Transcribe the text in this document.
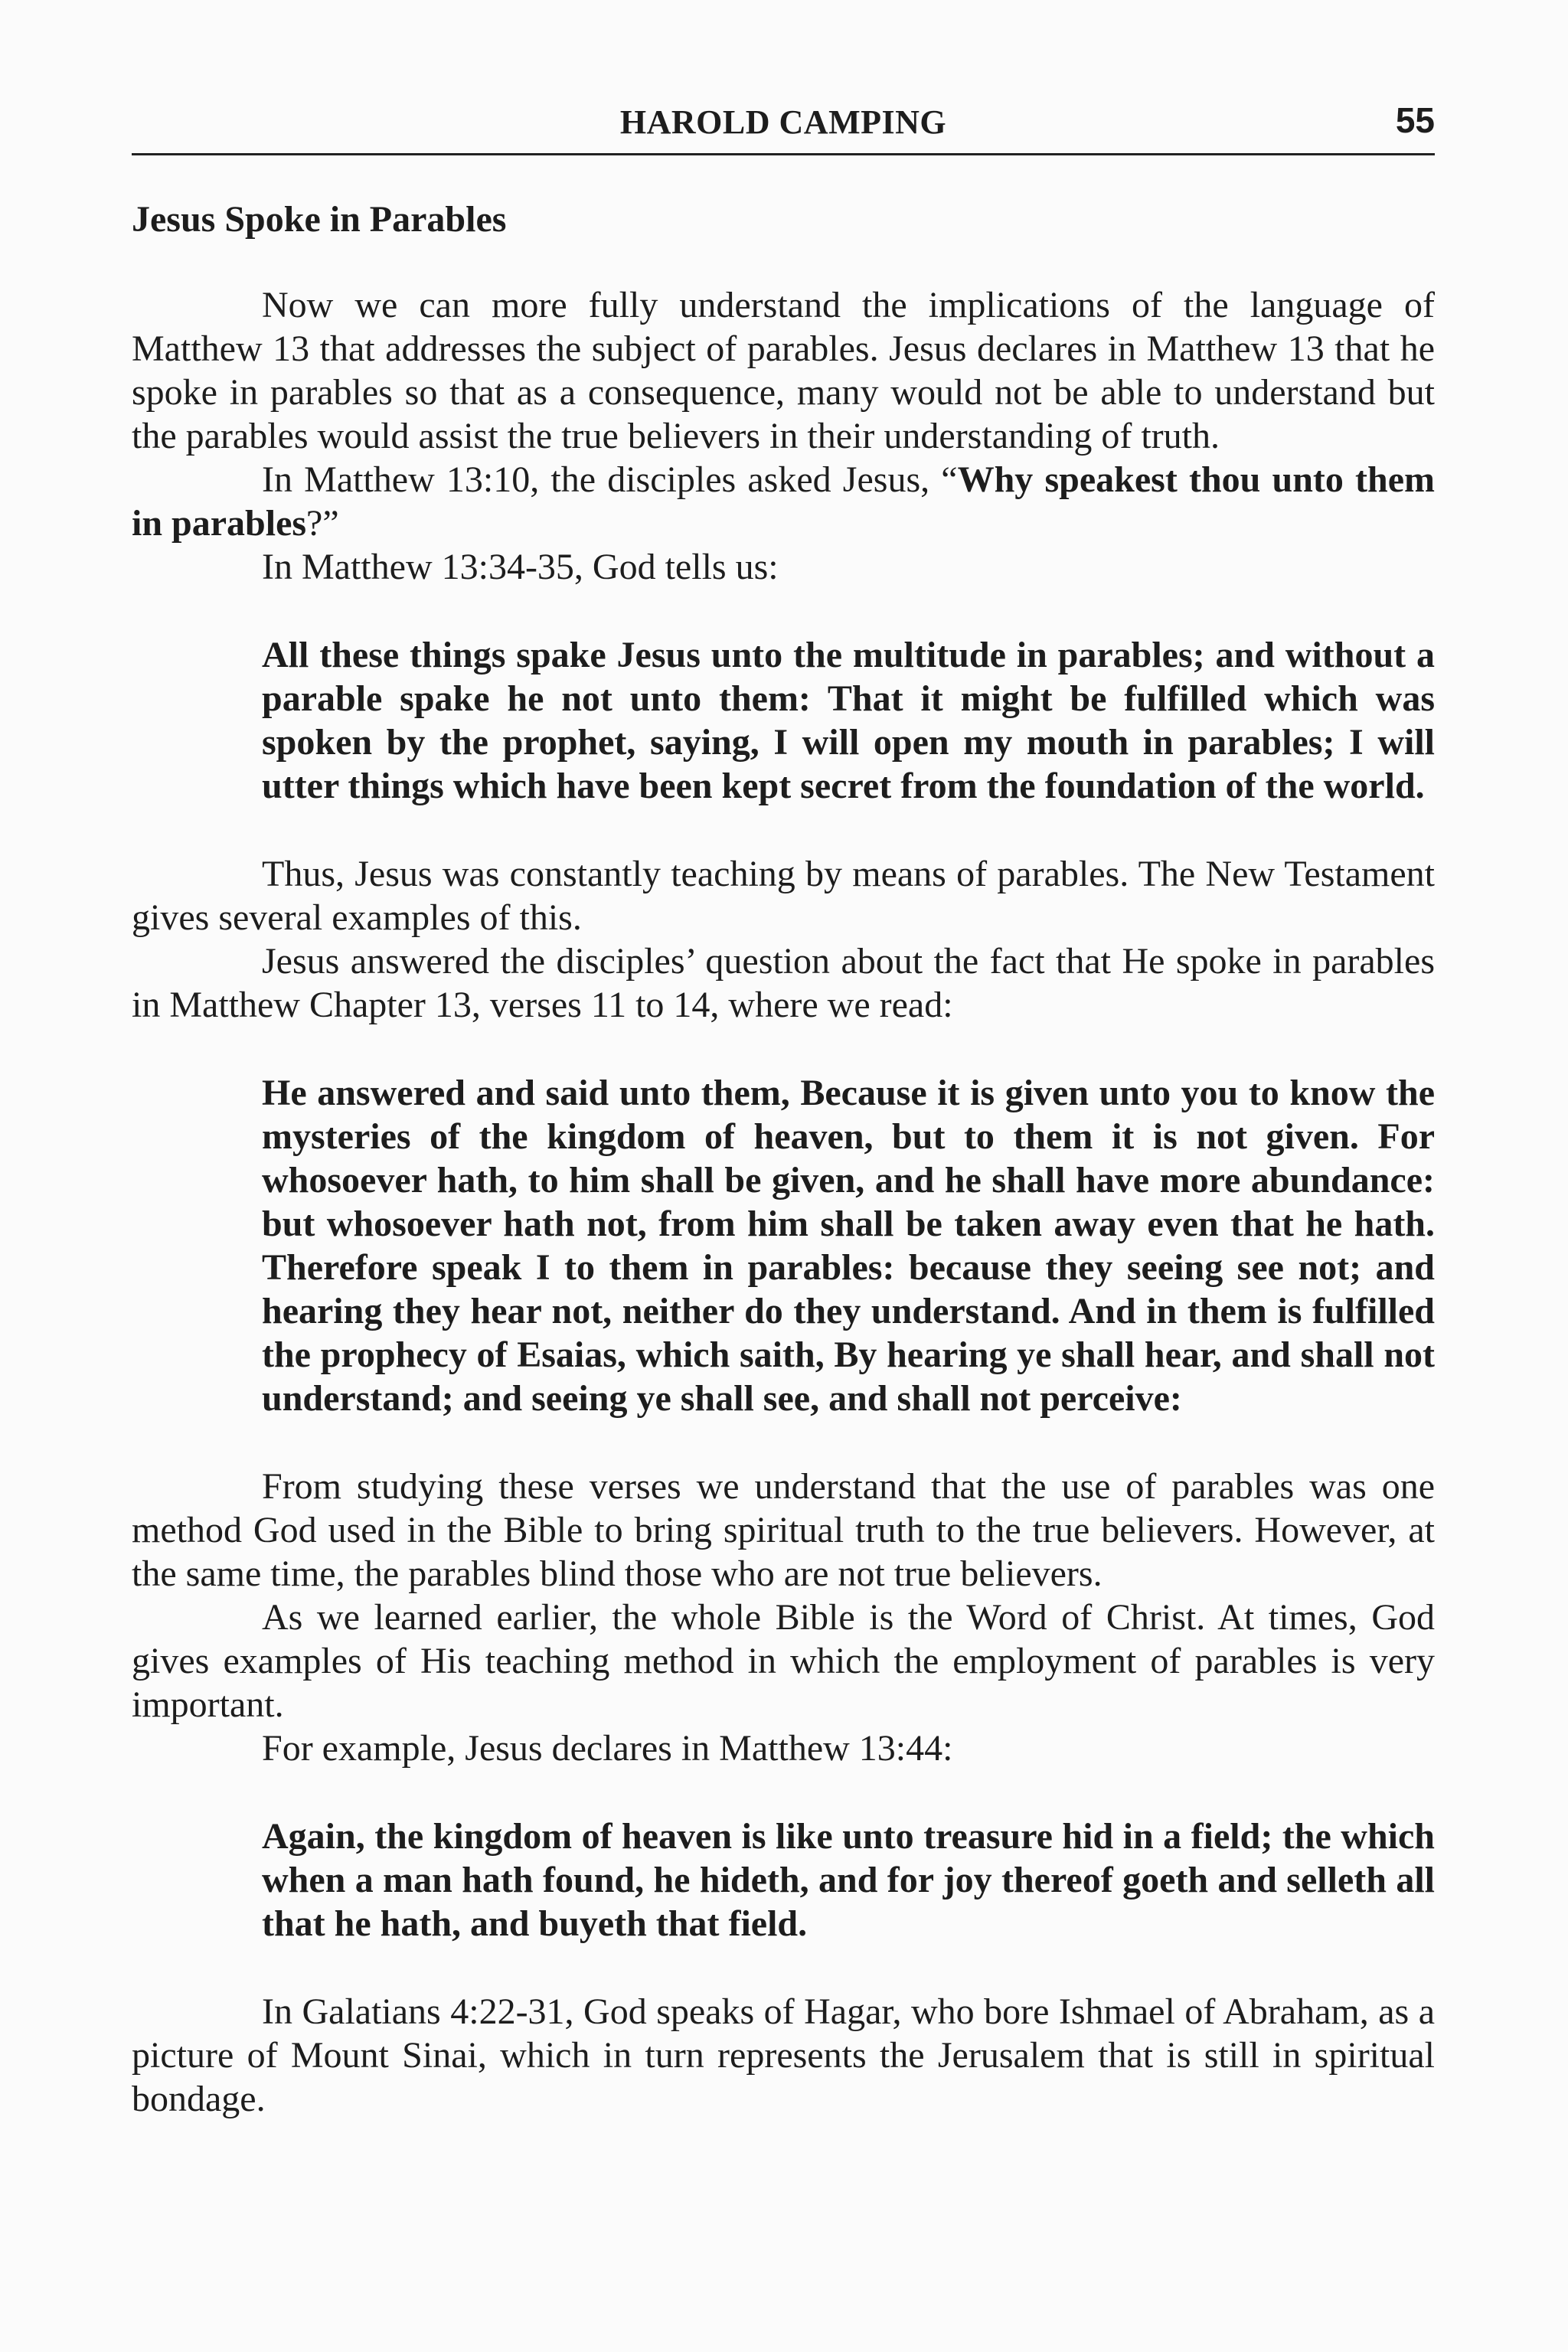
HAROLD CAMPING	55
Jesus Spoke in Parables

Now we can more fully understand the implications of the language of Matthew 13 that addresses the subject of parables. Jesus declares in Matthew 13 that he spoke in parables so that as a consequence, many would not be able to understand but the parables would assist the true believers in their understanding of truth.

In Matthew 13:10, the disciples asked Jesus, “Why speakest thou unto them in parables?”

In Matthew 13:34-35, God tells us:

All these things spake Jesus unto the multitude in parables; and without a parable spake he not unto them: That it might be fulfilled which was spoken by the prophet, saying, I will open my mouth in parables; I will utter things which have been kept secret from the foundation of the world.

Thus, Jesus was constantly teaching by means of parables. The New Testament gives several examples of this.

Jesus answered the disciples’ question about the fact that He spoke in parables in Matthew Chapter 13, verses 11 to 14, where we read:

He answered and said unto them, Because it is given unto you to know the mysteries of the kingdom of heaven, but to them it is not given. For whosoever hath, to him shall be given, and he shall have more abundance: but whosoever hath not, from him shall be taken away even that he hath. Therefore speak I to them in parables: because they seeing see not; and hearing they hear not, neither do they understand. And in them is fulfilled the prophecy of Esaias, which saith, By hearing ye shall hear, and shall not understand; and seeing ye shall see, and shall not perceive:

From studying these verses we understand that the use of parables was one method God used in the Bible to bring spiritual truth to the true believers. However, at the same time, the parables blind those who are not true believers.

As we learned earlier, the whole Bible is the Word of Christ. At times, God gives examples of His teaching method in which the employment of parables is very important.

For example, Jesus declares in Matthew 13:44:

Again, the kingdom of heaven is like unto treasure hid in a field; the which when a man hath found, he hideth, and for joy thereof goeth and selleth all that he hath, and buyeth that field.

In Galatians 4:22-31, God speaks of Hagar, who bore Ishmael of Abraham, as a picture of Mount Sinai, which in turn represents the Jerusalem that is still in spiritual bondage.
